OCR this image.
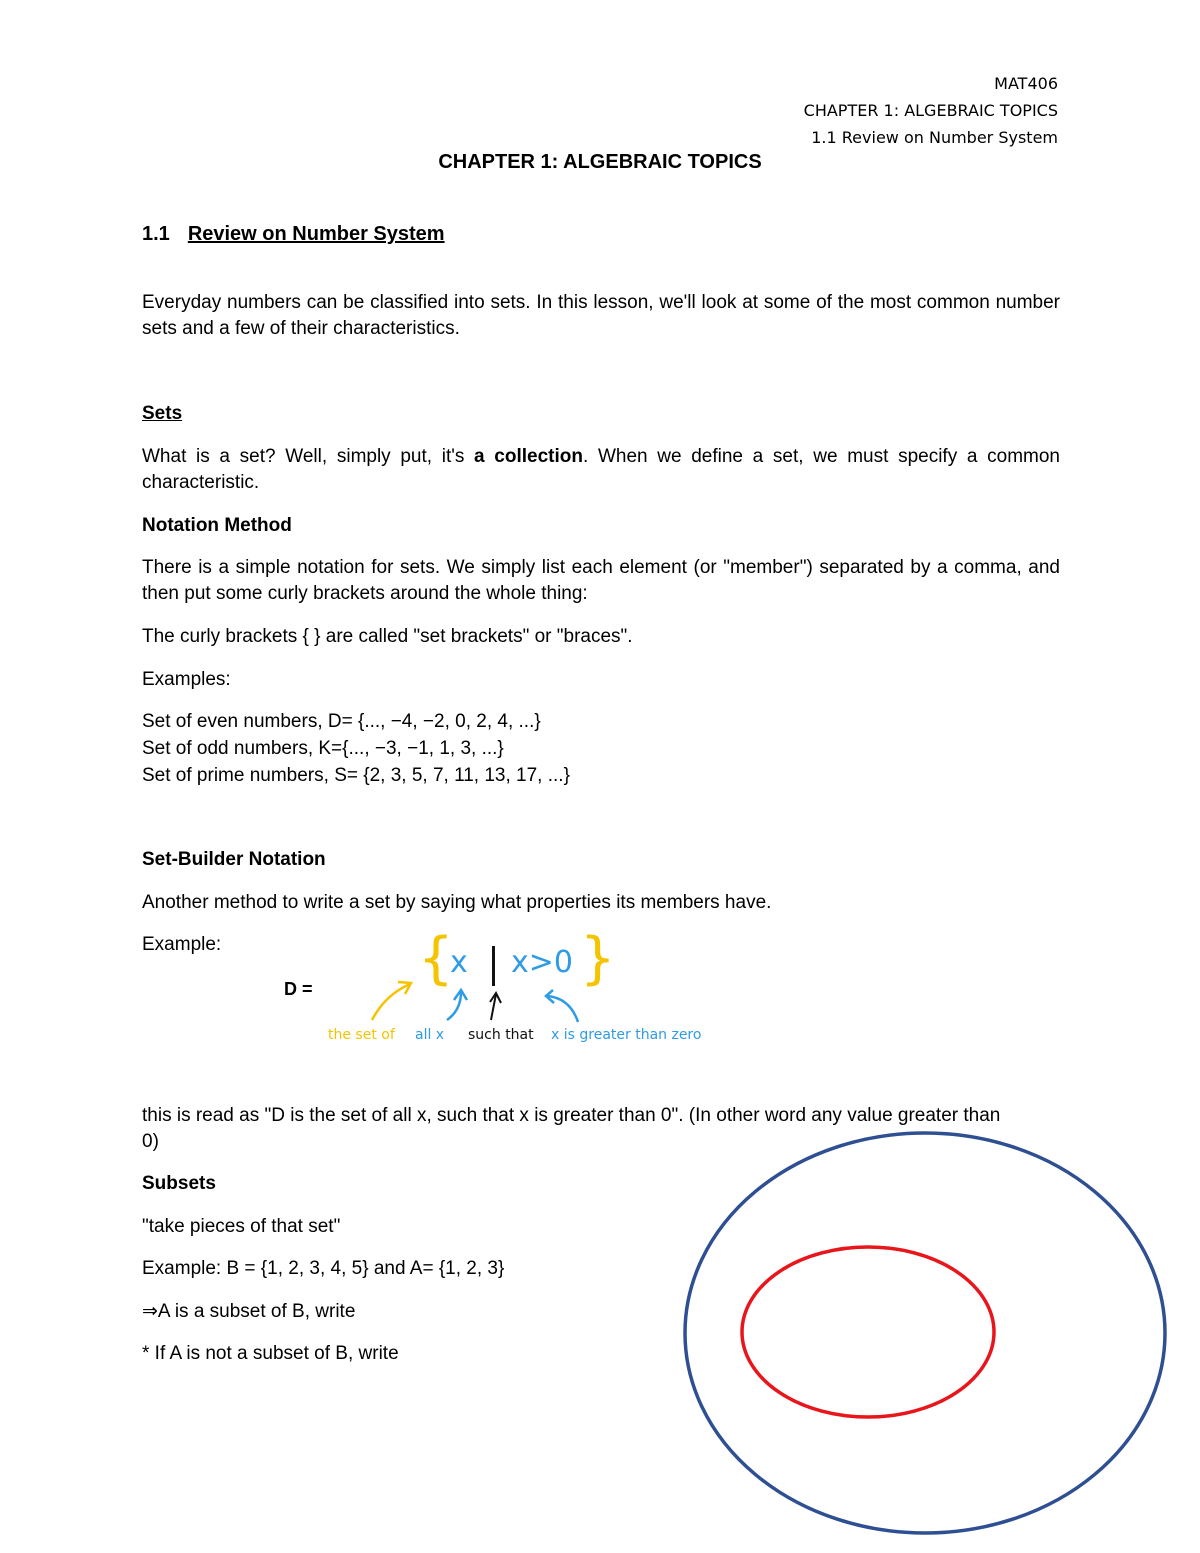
MAT406
CHAPTER 1: ALGEBRAIC TOPICS
1.1 Review on Number System
CHAPTER 1: ALGEBRAIC TOPICS
1.1 Review on Number System
Everyday numbers can be classified into sets. In this lesson, we'll look at some of the most common number sets and a few of their characteristics.
Sets
What is a set? Well, simply put, it's a collection. When we define a set, we must specify a common characteristic.
Notation Method
There is a simple notation for sets. We simply list each element (or "member") separated by a comma, and then put some curly brackets around the whole thing:
The curly brackets { } are called "set brackets" or "braces".
Examples:
Set of even numbers, D= {..., −4, −2, 0, 2, 4, ...}
Set of odd numbers, K={..., −3, −1, 1, 3, ...}
Set of prime numbers, S= {2, 3, 5, 7, 11, 13, 17, ...}
Set-Builder Notation
Another method to write a set by saying what properties its members have.
Example:
D = {
x x>0 }
the set of all x such that x is greater than zero
this is read as "D is the set of all x, such that x is greater than 0". (In other word any value greater than 0)
Subsets
"take pieces of that set"
Example: B = {1, 2, 3, 4, 5} and A= {1, 2, 3}
⇒A is a subset of B, write
* If A is not a subset of B, write
